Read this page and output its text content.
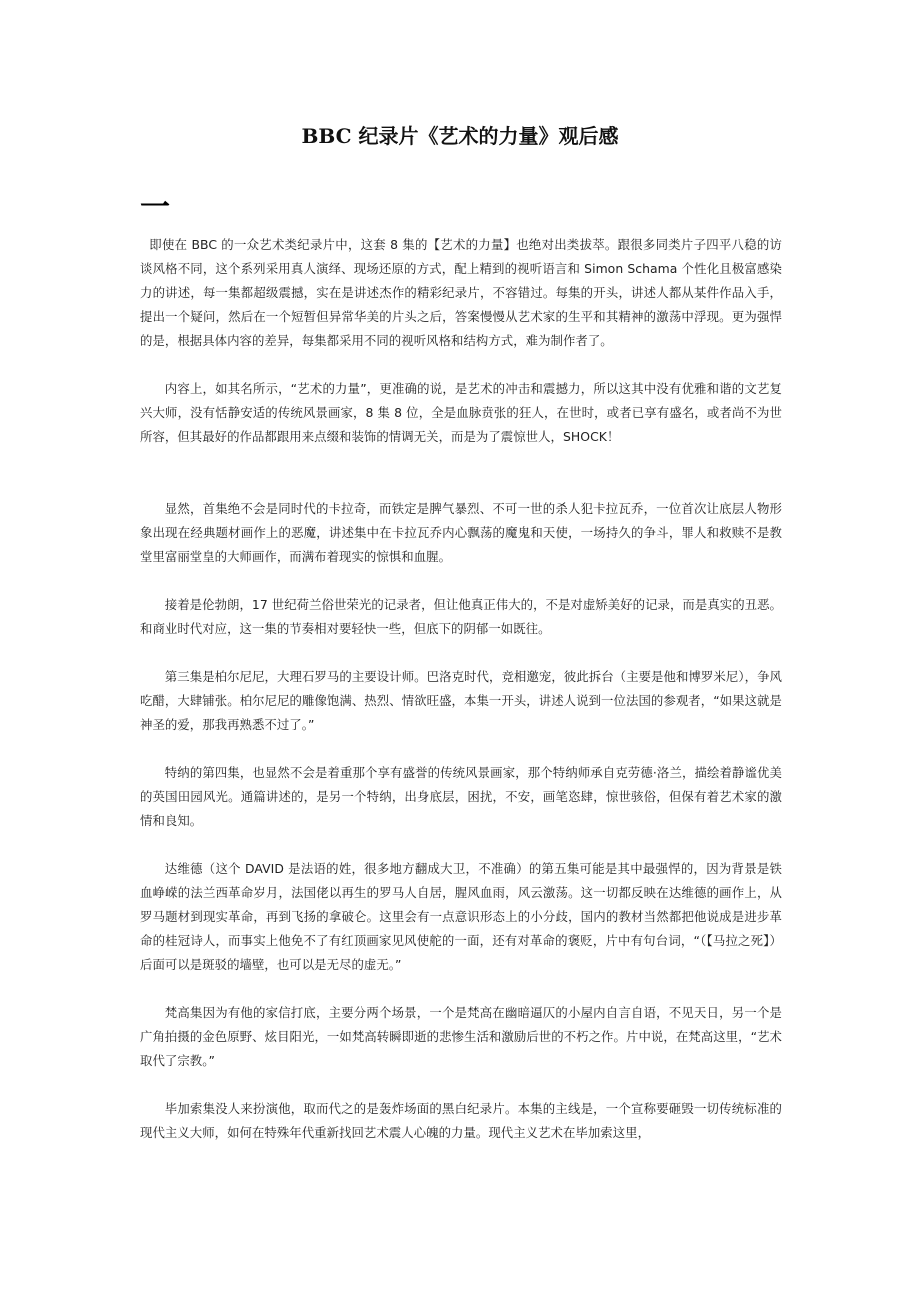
BBC 纪录片《艺术的力量》观后感
一

即使在 BBC 的一众艺术类纪录片中，这套 8 集的【艺术的力量】也绝对出类拔萃。跟很多同类片子四平八稳的访谈风格不同，这个系列采用真人演绎、现场还原的方式，配上精到的视听语言和 Simon Schama 个性化且极富感染力的讲述，每一集都超级震撼，实在是讲述杰作的精彩纪录片，不容错过。每集的开头，讲述人都从某件作品入手，提出一个疑问，然后在一个短暂但异常华美的片头之后，答案慢慢从艺术家的生平和其精神的激荡中浮现。更为强悍的是，根据具体内容的差异，每集都采用不同的视听风格和结构方式，难为制作者了。

内容上，如其名所示，“艺术的力量”，更准确的说，是艺术的冲击和震撼力，所以这其中没有优雅和谐的文艺复兴大师，没有恬静安适的传统风景画家，8 集 8 位，全是血脉贲张的狂人，在世时，或者已享有盛名，或者尚不为世所容，但其最好的作品都跟用来点缀和装饰的情调无关，而是为了震惊世人，SHOCK！

显然，首集绝不会是同时代的卡拉奇，而铁定是脾气暴烈、不可一世的杀人犯卡拉瓦乔，一位首次让底层人物形象出现在经典题材画作上的恶魔，讲述集中在卡拉瓦乔内心飘荡的魔鬼和天使，一场持久的争斗，罪人和救赎不是教堂里富丽堂皇的大师画作，而满布着现实的惊惧和血腥。

接着是伦勃朗，17 世纪荷兰俗世荣光的记录者，但让他真正伟大的，不是对虚矫美好的记录，而是真实的丑恶。和商业时代对应，这一集的节奏相对要轻快一些，但底下的阴郁一如既往。

第三集是柏尔尼尼，大理石罗马的主要设计师。巴洛克时代，竞相邀宠，彼此拆台（主要是他和博罗米尼），争风吃醋，大肆铺张。柏尔尼尼的雕像饱满、热烈、情欲旺盛，本集一开头，讲述人说到一位法国的参观者，“如果这就是神圣的爱，那我再熟悉不过了。”

特纳的第四集，也显然不会是着重那个享有盛誉的传统风景画家，那个特纳师承自克劳德·洛兰，描绘着静谧优美的英国田园风光。通篇讲述的，是另一个特纳，出身底层，困扰，不安，画笔恣肆，惊世骇俗，但保有着艺术家的激情和良知。

达维德（这个 DAVID 是法语的姓，很多地方翻成大卫，不准确）的第五集可能是其中最强悍的，因为背景是铁血峥嵘的法兰西革命岁月，法国佬以再生的罗马人自居，腥风血雨，风云激荡。这一切都反映在达维德的画作上，从罗马题材到现实革命，再到飞扬的拿破仑。这里会有一点意识形态上的小分歧，国内的教材当然都把他说成是进步革命的桂冠诗人，而事实上他免不了有红顶画家见风使舵的一面，还有对革命的褒贬，片中有句台词，“（【马拉之死】）后面可以是斑驳的墙壁，也可以是无尽的虚无。”

梵高集因为有他的家信打底，主要分两个场景，一个是梵高在幽暗逼仄的小屋内自言自语，不见天日，另一个是广角拍摄的金色原野、炫目阳光，一如梵高转瞬即逝的悲惨生活和激励后世的不朽之作。片中说，在梵高这里，“艺术取代了宗教。”

毕加索集没人来扮演他，取而代之的是轰炸场面的黑白纪录片。本集的主线是，一个宣称要砸毁一切传统标准的现代主义大师，如何在特殊年代重新找回艺术震人心魄的力量。现代主义艺术在毕加索这里，
